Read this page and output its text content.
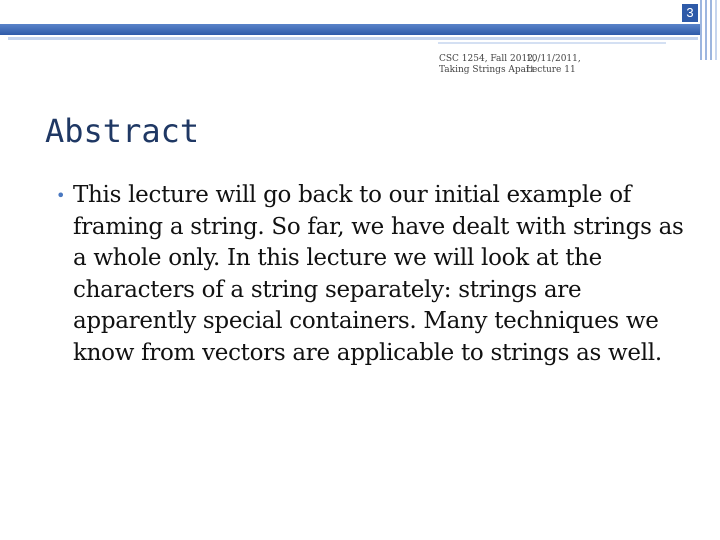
3
CSC 1254, Fall 2012,
Taking Strings Apart
10/11/2011,
Lecture 11
Abstract
• This lecture will go back to our initial example of framing a string. So far, we have dealt with strings as a whole only. In this lecture we will look at the characters of a string separately: strings are apparently special containers. Many techniques we know from vectors are applicable to strings as well.
